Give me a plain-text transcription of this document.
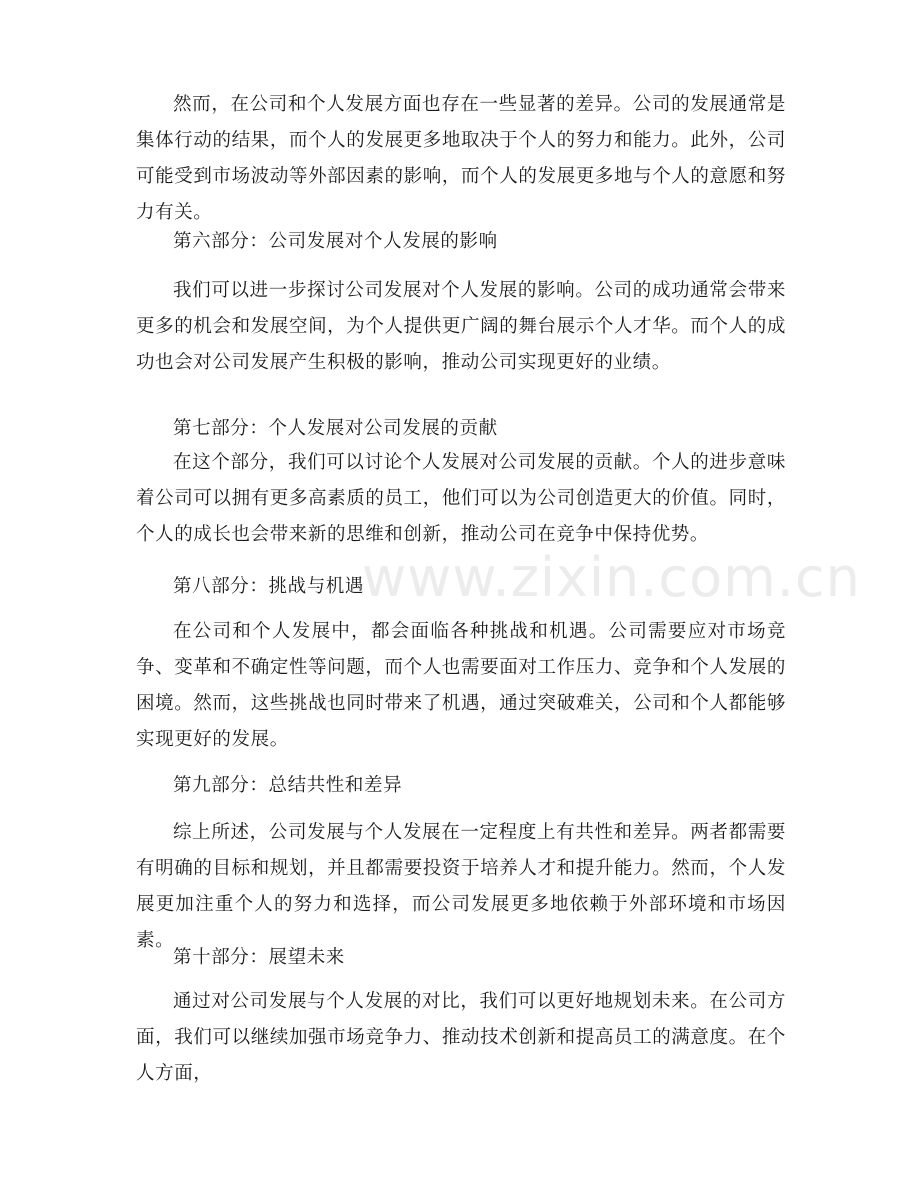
www.zixin.com.cn

然而，在公司和个人发展方面也存在一些显著的差异。公司的发展通常是集体行动的结果，而个人的发展更多地取决于个人的努力和能力。此外，公司可能受到市场波动等外部因素的影响，而个人的发展更多地与个人的意愿和努力有关。

第六部分：公司发展对个人发展的影响

我们可以进一步探讨公司发展对个人发展的影响。公司的成功通常会带来更多的机会和发展空间，为个人提供更广阔的舞台展示个人才华。而个人的成功也会对公司发展产生积极的影响，推动公司实现更好的业绩。

第七部分：个人发展对公司发展的贡献

在这个部分，我们可以讨论个人发展对公司发展的贡献。个人的进步意味着公司可以拥有更多高素质的员工，他们可以为公司创造更大的价值。同时，个人的成长也会带来新的思维和创新，推动公司在竞争中保持优势。

第八部分：挑战与机遇

在公司和个人发展中，都会面临各种挑战和机遇。公司需要应对市场竞争、变革和不确定性等问题，而个人也需要面对工作压力、竞争和个人发展的困境。然而，这些挑战也同时带来了机遇，通过突破难关，公司和个人都能够实现更好的发展。

第九部分：总结共性和差异

综上所述，公司发展与个人发展在一定程度上有共性和差异。两者都需要有明确的目标和规划，并且都需要投资于培养人才和提升能力。然而，个人发展更加注重个人的努力和选择，而公司发展更多地依赖于外部环境和市场因素。

第十部分：展望未来

通过对公司发展与个人发展的对比，我们可以更好地规划未来。在公司方面，我们可以继续加强市场竞争力、推动技术创新和提高员工的满意度。在个人方面，
